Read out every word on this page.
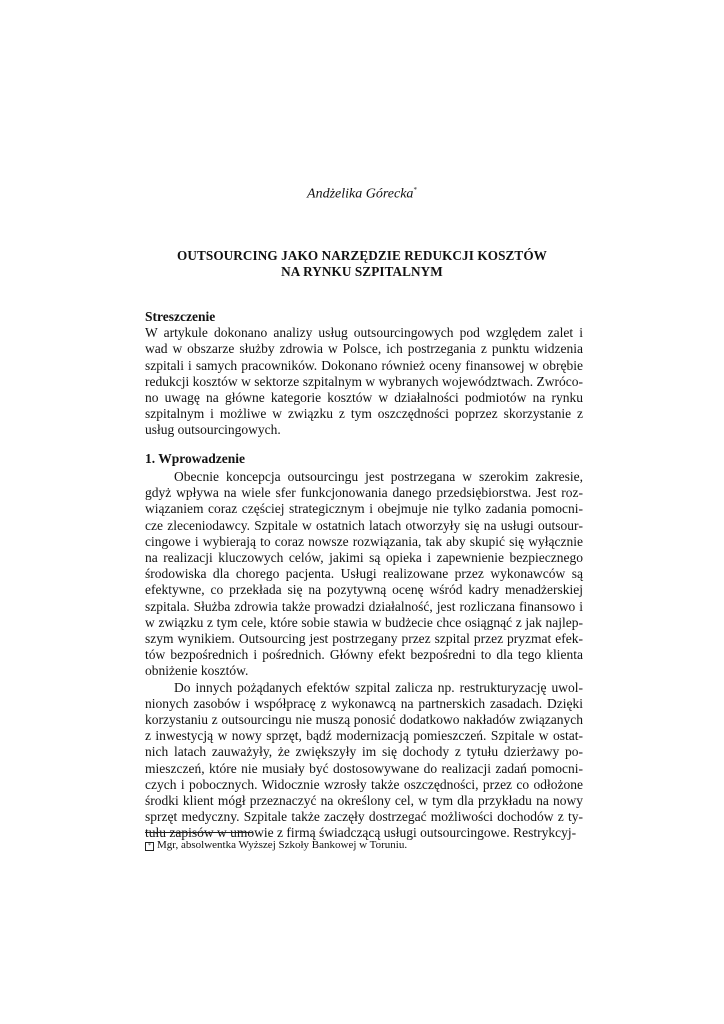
Andżelika Górecka*
OUTSOURCING JAKO NARZĘDZIE REDUKCJI KOSZTÓW
NA RYNKU SZPITALNYM
Streszczenie

W artykule dokonano analizy usług outsourcingowych pod względem zalet i wad w obszarze służby zdrowia w Polsce, ich postrzegania z punktu widzenia szpitali i samych pracowników. Dokonano również oceny finansowej w obrębie redukcji kosztów w sektorze szpitalnym w wybranych województwach. Zwrócono uwagę na główne kategorie kosztów w działalności podmiotów na rynku szpitalnym i możliwe w związku z tym oszczędności poprzez skorzystanie z usług outsourcingowych.

1. Wprowadzenie

Obecnie koncepcja outsourcingu jest postrzegana w szerokim zakresie, gdyż wpływa na wiele sfer funkcjonowania danego przedsiębiorstwa. Jest rozwiązaniem coraz częściej strategicznym i obejmuje nie tylko zadania pomocnicze zleceniodawcy. Szpitale w ostatnich latach otworzyły się na usługi outsourcingowe i wybierają to coraz nowsze rozwiązania, tak aby skupić się wyłącznie na realizacji kluczowych celów, jakimi są opieka i zapewnienie bezpiecznego środowiska dla chorego pacjenta. Usługi realizowane przez wykonawców są efektywne, co przekłada się na pozytywną ocenę wśród kadry menadżerskiej szpitala. Służba zdrowia także prowadzi działalność, jest rozliczana finansowo i w związku z tym cele, które sobie stawia w budżecie chce osiągnąć z jak najlepszym wynikiem. Outsourcing jest postrzegany przez szpital przez pryzmat efektów bezpośrednich i pośrednich. Główny efekt bezpośredni to dla tego klienta obniżenie kosztów.

Do innych pożądanych efektów szpital zalicza np. restrukturyzację uwolnionych zasobów i współpracę z wykonawcą na partnerskich zasadach. Dzięki korzystaniu z outsourcingu nie muszą ponosić dodatkowo nakładów związanych z inwestycją w nowy sprzęt, bądź modernizacją pomieszczeń. Szpitale w ostatnich latach zauważyły, że zwiększyły im się dochody z tytułu dzierżawy pomieszczeń, które nie musiały być dostosowywane do realizacji zadań pomocniczych i pobocznych. Widocznie wzrosły także oszczędności, przez co odłożone środki klient mógł przeznaczyć na określony cel, w tym dla przykładu na nowy sprzęt medyczny. Szpitale także zaczęły dostrzegać możliwości dochodów z tytułu zapisów w umowie z firmą świadczącą usługi outsourcingowe. Restrykcyj-

* Mgr, absolwentka Wyższej Szkoły Bankowej w Toruniu.
